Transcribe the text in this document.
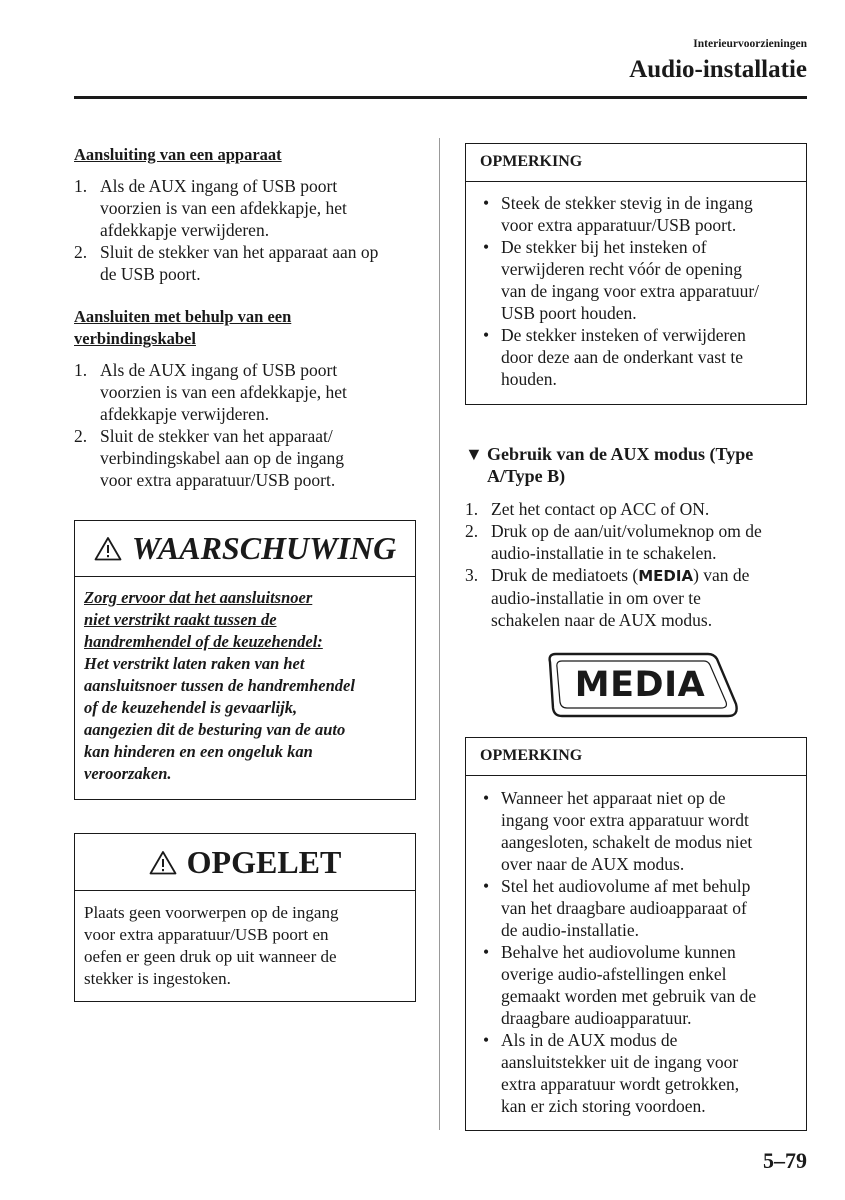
Interieurvoorzieningen
Audio-installatie
Aansluiting van een apparaat
1. Als de AUX ingang of USB poort
voorzien is van een afdekkapje, het
afdekkapje verwijderen.
2. Sluit de stekker van het apparaat aan op
de USB poort.
Aansluiten met behulp van een
verbindingskabel
1. Als de AUX ingang of USB poort
voorzien is van een afdekkapje, het
afdekkapje verwijderen.
2. Sluit de stekker van het apparaat/
verbindingskabel aan op de ingang
voor extra apparatuur/USB poort.
WAARSCHUWING
Zorg ervoor dat het aansluitsnoer
niet verstrikt raakt tussen de
handremhendel of de keuzehendel:
Het verstrikt laten raken van het
aansluitsnoer tussen de handremhendel
of de keuzehendel is gevaarlijk,
aangezien dit de besturing van de auto
kan hinderen en een ongeluk kan
veroorzaken.
OPGELET
Plaats geen voorwerpen op de ingang
voor extra apparatuur/USB poort en
oefen er geen druk op uit wanneer de
stekker is ingestoken.
OPMERKING
• Steek de stekker stevig in de ingang
voor extra apparatuur/USB poort.
• De stekker bij het insteken of
verwijderen recht vóór de opening
van de ingang voor extra apparatuur/
USB poort houden.
• De stekker insteken of verwijderen
door deze aan de onderkant vast te
houden.
▼ Gebruik van de AUX modus (Type
A/Type B)
1. Zet het contact op ACC of ON.
2. Druk op de aan/uit/volumeknop om de
audio-installatie in te schakelen.
3. Druk de mediatoets (MEDIA) van de
audio-installatie in om over te
schakelen naar de AUX modus.
MEDIA
OPMERKING
• Wanneer het apparaat niet op de
ingang voor extra apparatuur wordt
aangesloten, schakelt de modus niet
over naar de AUX modus.
• Stel het audiovolume af met behulp
van het draagbare audioapparaat of
de audio-installatie.
• Behalve het audiovolume kunnen
overige audio-afstellingen enkel
gemaakt worden met gebruik van de
draagbare audioapparatuur.
• Als in de AUX modus de
aansluitstekker uit de ingang voor
extra apparatuur wordt getrokken,
kan er zich storing voordoen.
5–79
